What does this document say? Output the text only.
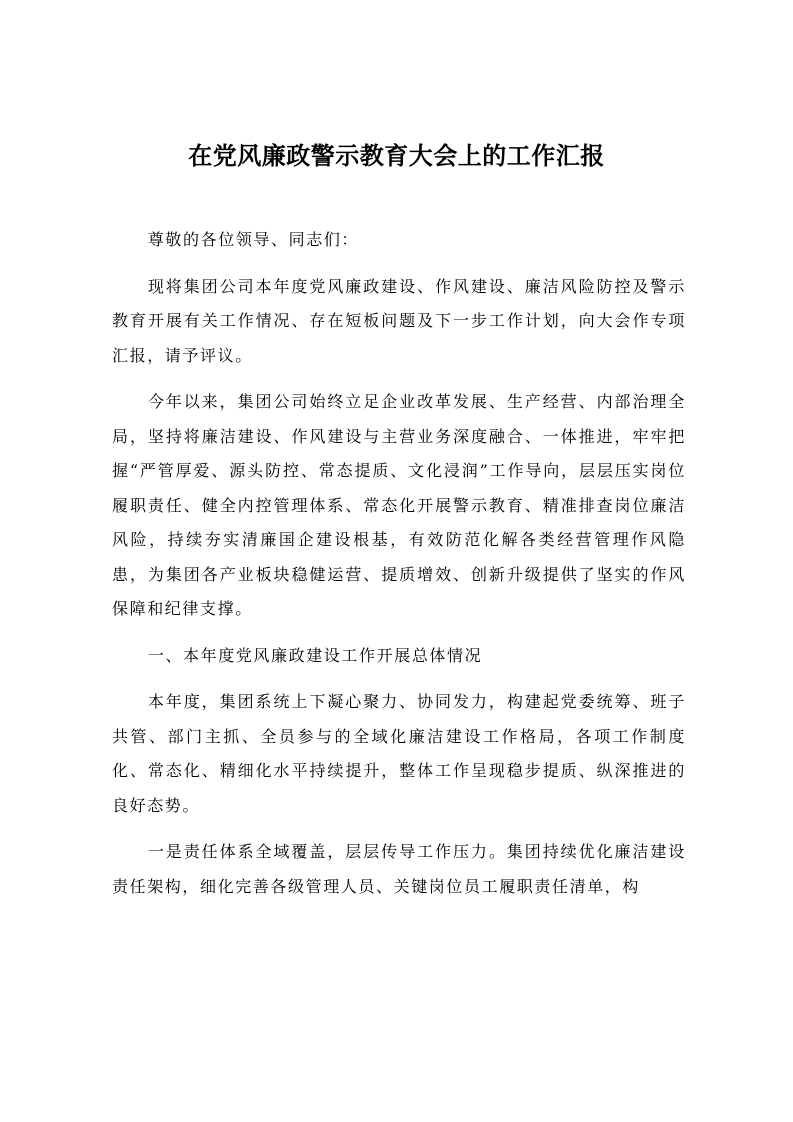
在党风廉政警示教育大会上的工作汇报

尊敬的各位领导、同志们：

现将集团公司本年度党风廉政建设、作风建设、廉洁风险防控及警示教育开展有关工作情况、存在短板问题及下一步工作计划，向大会作专项汇报，请予评议。

今年以来，集团公司始终立足企业改革发展、生产经营、内部治理全局，坚持将廉洁建设、作风建设与主营业务深度融合、一体推进，牢牢把握“严管厚爱、源头防控、常态提质、文化浸润”工作导向，层层压实岗位履职责任、健全内控管理体系、常态化开展警示教育、精准排查岗位廉洁风险，持续夯实清廉国企建设根基，有效防范化解各类经营管理作风隐患，为集团各产业板块稳健运营、提质增效、创新升级提供了坚实的作风保障和纪律支撑。

一、本年度党风廉政建设工作开展总体情况

本年度，集团系统上下凝心聚力、协同发力，构建起党委统筹、班子共管、部门主抓、全员参与的全域化廉洁建设工作格局，各项工作制度化、常态化、精细化水平持续提升，整体工作呈现稳步提质、纵深推进的良好态势。

一是责任体系全域覆盖，层层传导工作压力。集团持续优化廉洁建设责任架构，细化完善各级管理人员、关键岗位员工履职责任清单，构
